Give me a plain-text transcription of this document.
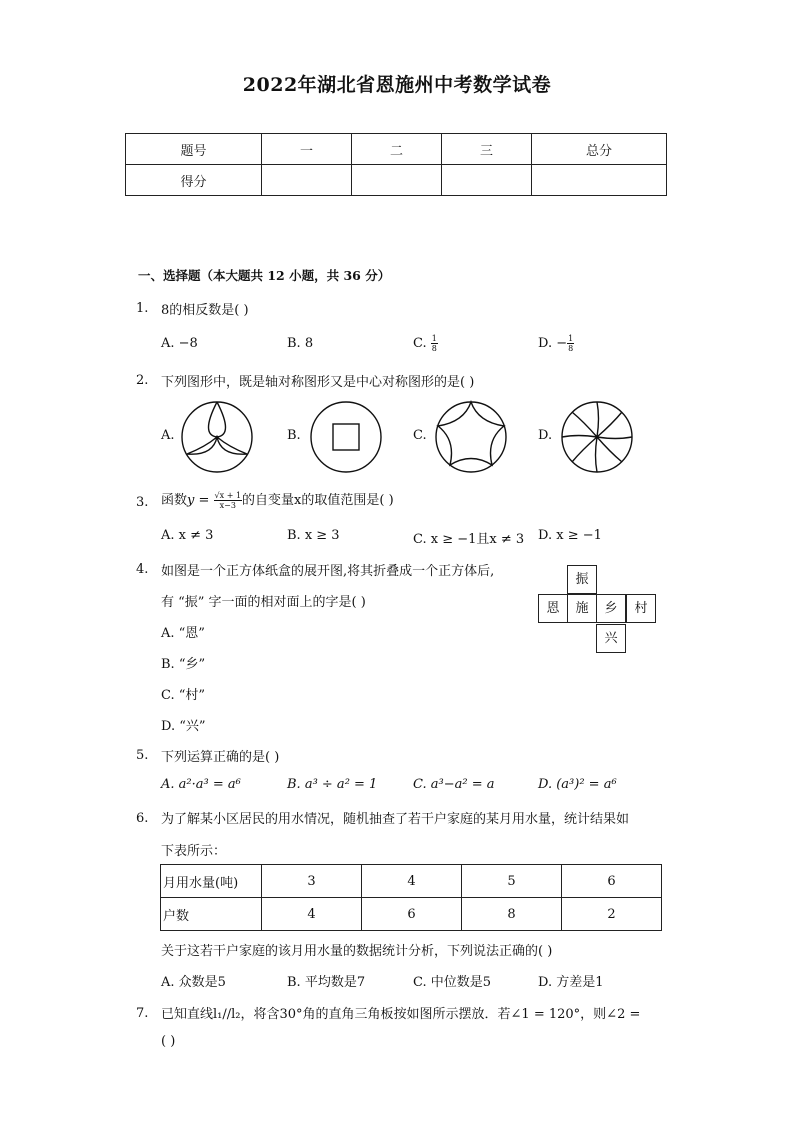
2022年湖北省恩施州中考数学试卷
题号	一	二	三	总分
得分				
一、选择题（本大题共 12 小题，共 36 分）
1. 8的相反数是( )
A. −8	B. 8	C. $\frac{1}{8}$	D. − $\frac{1}{8}$
2. 下列图形中，既是轴对称图形又是中心对称图形的是( )
A.	B.	C.	D.
3. 函数$y = \frac{√x + 1}{x-3}$ 的自变量x的取值范围是( )
A. x ≠ 3	B. x ≥ 3	C. x ≥ −1且x ≠ 3 D. x ≥ −1
4. 如图是一个正方体纸盒的展开图,将其折叠成一个正方体后,
有 “振” 字一面的相对面上的字是( )
A. “恩”
B. “乡”
C. “村”
D. “兴”
振
恩	施	乡	村
兴
5. 下列运算正确的是( )
A. a²·a³ = a⁶	B. a³ ÷ a² = 1	C. a³−a² = a	D. (a³)² = a⁶
6. 为了解某小区居民的用水情况，随机抽查了若干户家庭的某月用水量，统计结果如
下表所示：
月用水量(吨)	3	4	5	6
户数	4	6	8	2
关于这若干户家庭的该月用水量的数据统计分析，下列说法正确的( )
A. 众数是5	B. 平均数是7	C. 中位数是5	D. 方差是1
7. 已知直线l₁//l₂，将含30°角的直角三角板按如图所示摆放．若∠1 = 120°，则∠2 =
( )
